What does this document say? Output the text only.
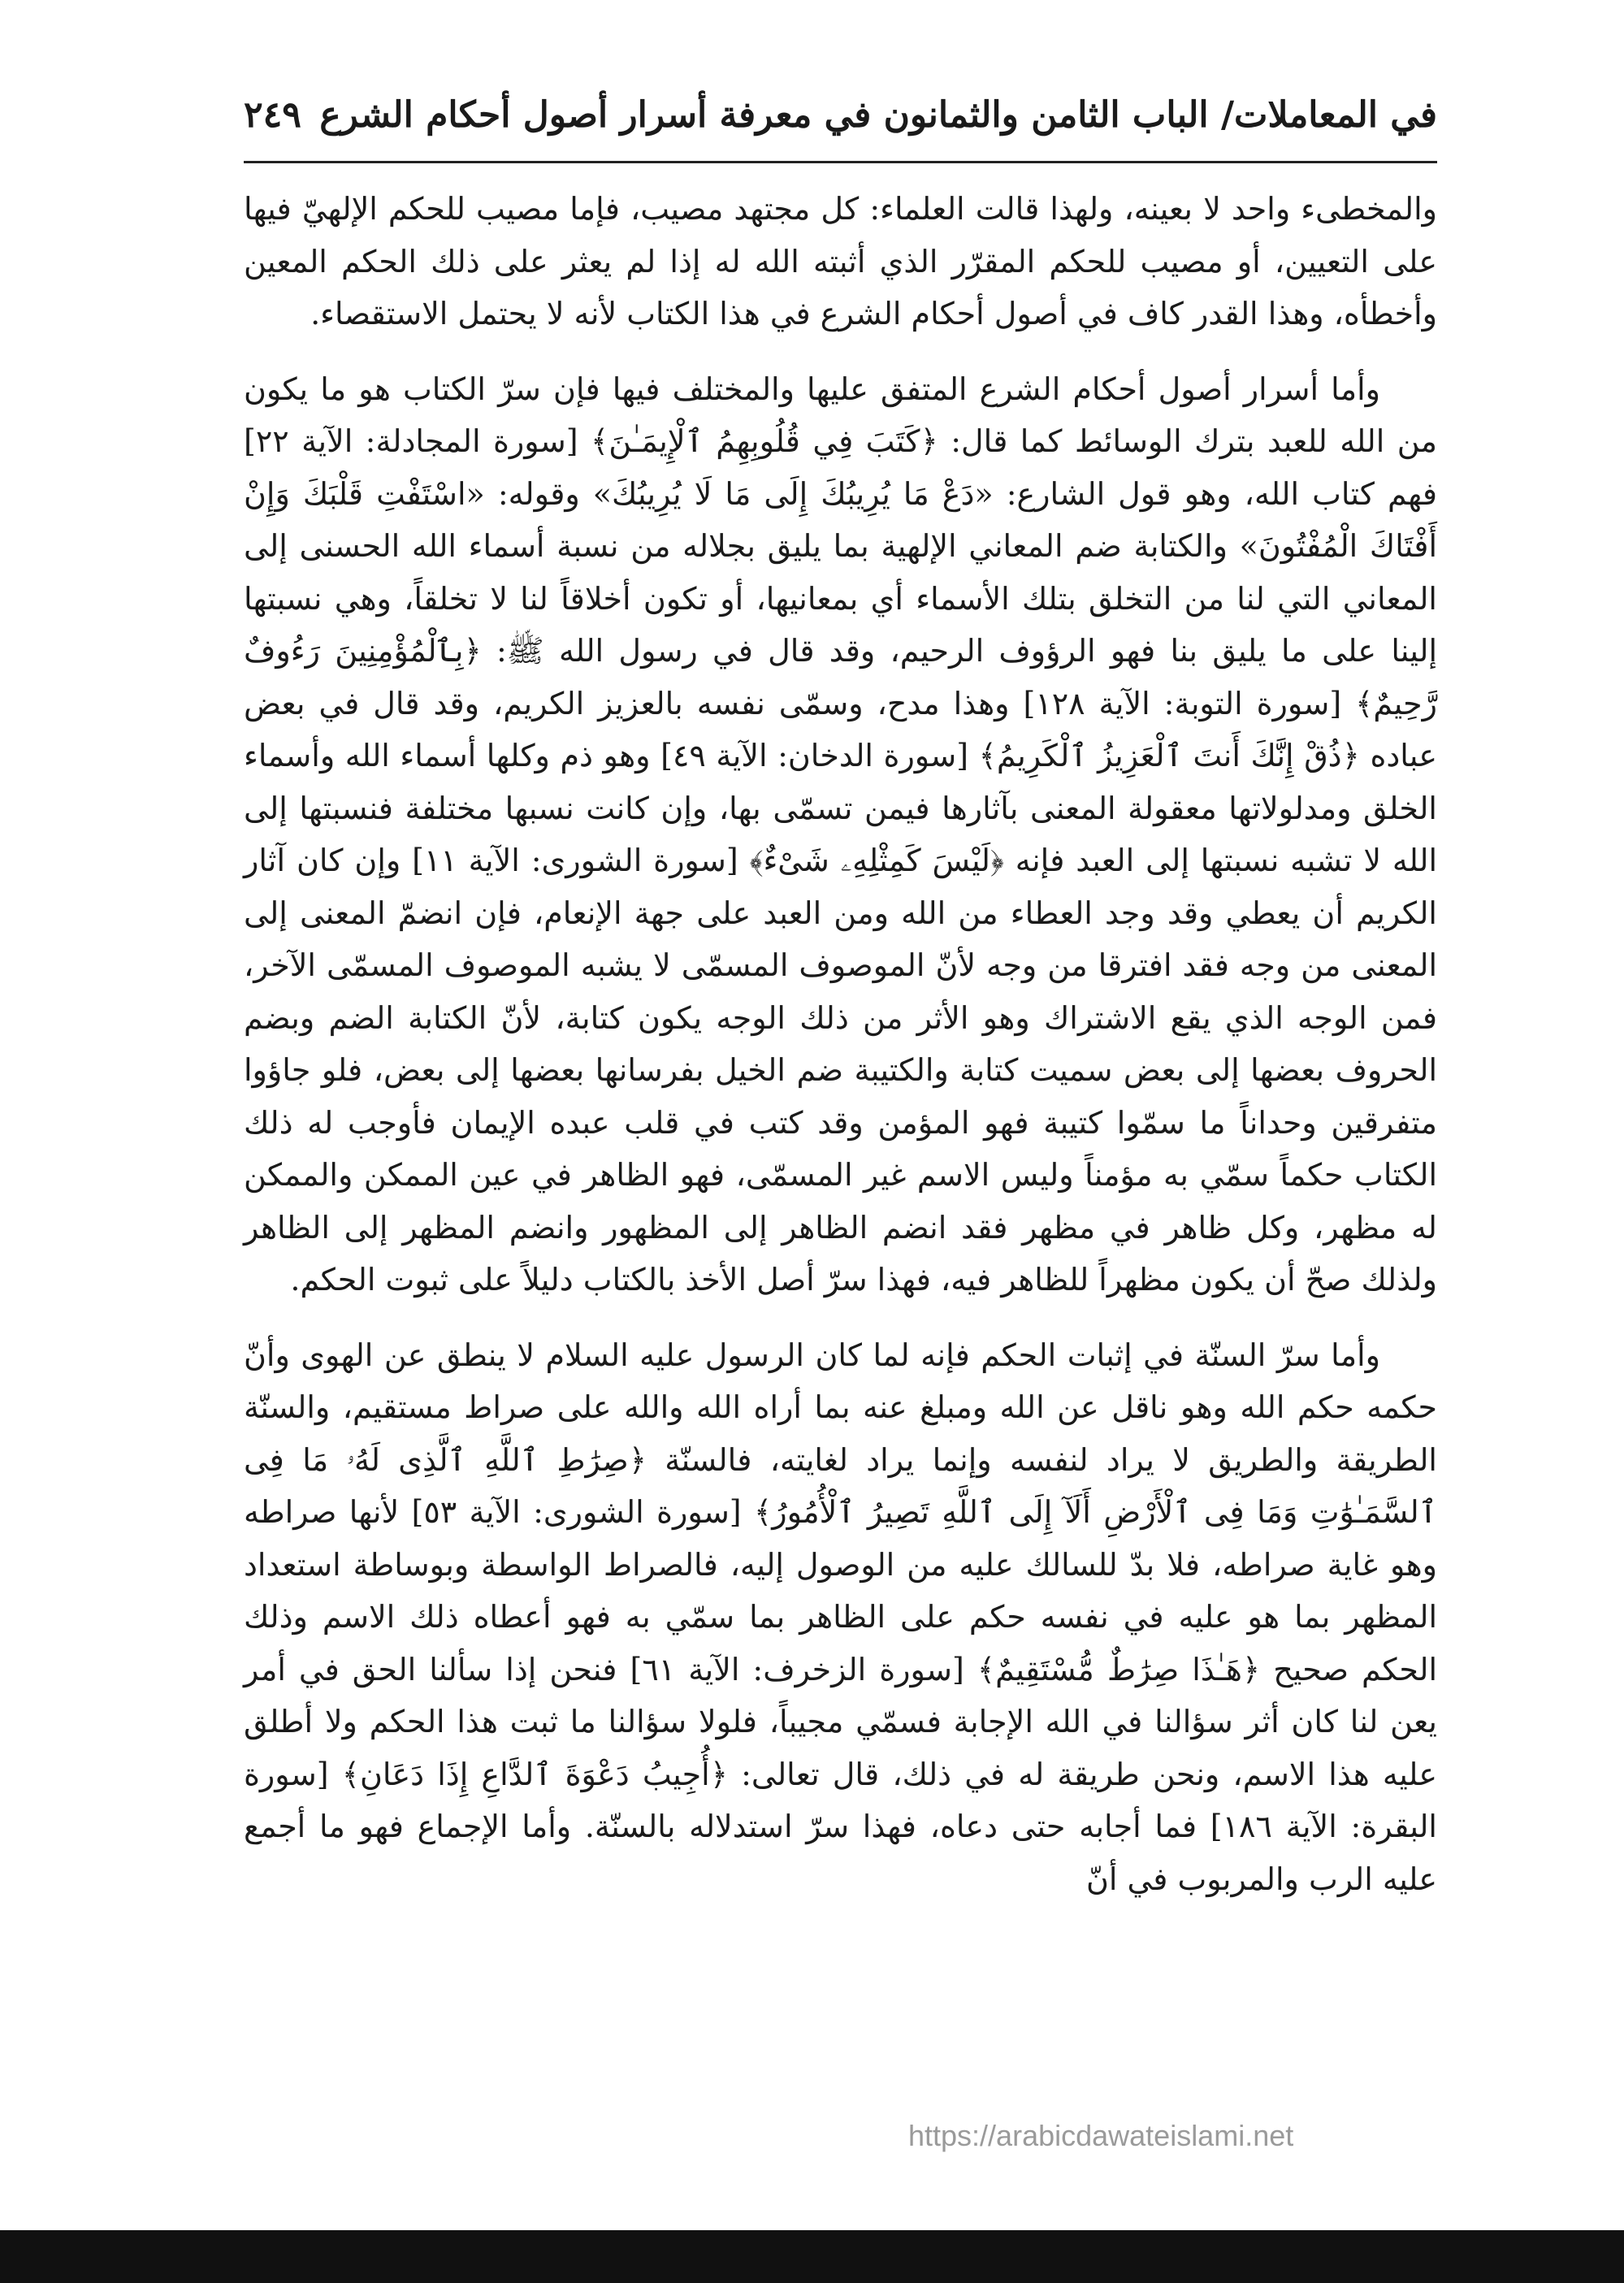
في المعاملات/ الباب الثامن والثمانون في معرفة أسرار أصول أحكام الشرع
٢٤٩

والمخطىء واحد لا بعينه، ولهذا قالت العلماء: كل مجتهد مصيب، فإما مصيب للحكم الإلهيّ فيها على التعيين، أو مصيب للحكم المقرّر الذي أثبته الله له إذا لم يعثر على ذلك الحكم المعين وأخطأه، وهذا القدر كاف في أصول أحكام الشرع في هذا الكتاب لأنه لا يحتمل الاستقصاء.

وأما أسرار أصول أحكام الشرع المتفق عليها والمختلف فيها فإن سرّ الكتاب هو ما يكون من الله للعبد بترك الوسائط كما قال: ﴿كَتَبَ فِي قُلُوبِهِمُ ٱلْإِيمَـٰنَ﴾ [سورة المجادلة: الآية ٢٢] فهم كتاب الله، وهو قول الشارع: «دَعْ مَا يُرِيبُكَ إِلَى مَا لَا يُرِيبُكَ» وقوله: «اسْتَفْتِ قَلْبَكَ وَإِنْ أَفْتَاكَ الْمُفْتُونَ» والكتابة ضم المعاني الإلهية بما يليق بجلاله من نسبة أسماء الله الحسنى إلى المعاني التي لنا من التخلق بتلك الأسماء أي بمعانيها، أو تكون أخلاقاً لنا لا تخلقاً، وهي نسبتها إلينا على ما يليق بنا فهو الرؤوف الرحيم، وقد قال في رسول الله ﷺ: ﴿بِٱلْمُؤْمِنِينَ رَءُوفٌ رَّحِيمٌ﴾ [سورة التوبة: الآية ١٢٨] وهذا مدح، وسمّى نفسه بالعزيز الكريم، وقد قال في بعض عباده ﴿ذُقْ إِنَّكَ أَنتَ ٱلْعَزِيزُ ٱلْكَرِيمُ﴾ [سورة الدخان: الآية ٤٩] وهو ذم وكلها أسماء الله وأسماء الخلق ومدلولاتها معقولة المعنى بآثارها فيمن تسمّى بها، وإن كانت نسبها مختلفة فنسبتها إلى الله لا تشبه نسبتها إلى العبد فإنه ﴿لَيْسَ كَمِثْلِهِۦ شَىْءٌ﴾ [سورة الشورى: الآية ١١] وإن كان آثار الكريم أن يعطي وقد وجد العطاء من الله ومن العبد على جهة الإنعام، فإن انضمّ المعنى إلى المعنى من وجه فقد افترقا من وجه لأنّ الموصوف المسمّى لا يشبه الموصوف المسمّى الآخر، فمن الوجه الذي يقع الاشتراك وهو الأثر من ذلك الوجه يكون كتابة، لأنّ الكتابة الضم وبضم الحروف بعضها إلى بعض سميت كتابة والكتيبة ضم الخيل بفرسانها بعضها إلى بعض، فلو جاؤوا متفرقين وحداناً ما سمّوا كتيبة فهو المؤمن وقد كتب في قلب عبده الإيمان فأوجب له ذلك الكتاب حكماً سمّي به مؤمناً وليس الاسم غير المسمّى، فهو الظاهر في عين الممكن والممكن له مظهر، وكل ظاهر في مظهر فقد انضم الظاهر إلى المظهور وانضم المظهر إلى الظاهر ولذلك صحّ أن يكون مظهراً للظاهر فيه، فهذا سرّ أصل الأخذ بالكتاب دليلاً على ثبوت الحكم.

وأما سرّ السنّة في إثبات الحكم فإنه لما كان الرسول عليه السلام لا ينطق عن الهوى وأنّ حكمه حكم الله وهو ناقل عن الله ومبلغ عنه بما أراه الله والله على صراط مستقيم، والسنّة الطريقة والطريق لا يراد لنفسه وإنما يراد لغايته، فالسنّة ﴿صِرَٰطِ ٱللَّهِ ٱلَّذِى لَهُۥ مَا فِى ٱلسَّمَـٰوَٰتِ وَمَا فِى ٱلْأَرْضِ أَلَآ إِلَى ٱللَّهِ تَصِيرُ ٱلْأُمُورُ﴾ [سورة الشورى: الآية ٥٣] لأنها صراطه وهو غاية صراطه، فلا بدّ للسالك عليه من الوصول إليه، فالصراط الواسطة وبوساطة استعداد المظهر بما هو عليه في نفسه حكم على الظاهر بما سمّي به فهو أعطاه ذلك الاسم وذلك الحكم صحيح ﴿هَـٰذَا صِرَٰطٌ مُّسْتَقِيمٌ﴾ [سورة الزخرف: الآية ٦١] فنحن إذا سألنا الحق في أمر يعن لنا كان أثر سؤالنا في الله الإجابة فسمّي مجيباً، فلولا سؤالنا ما ثبت هذا الحكم ولا أطلق عليه هذا الاسم، ونحن طريقة له في ذلك، قال تعالى: ﴿أُجِيبُ دَعْوَةَ ٱلدَّاعِ إِذَا دَعَانِ﴾ [سورة البقرة: الآية ١٨٦] فما أجابه حتى دعاه، فهذا سرّ استدلاله بالسنّة. وأما الإجماع فهو ما أجمع عليه الرب والمربوب في أنّ

https://arabicdawateislami.net
